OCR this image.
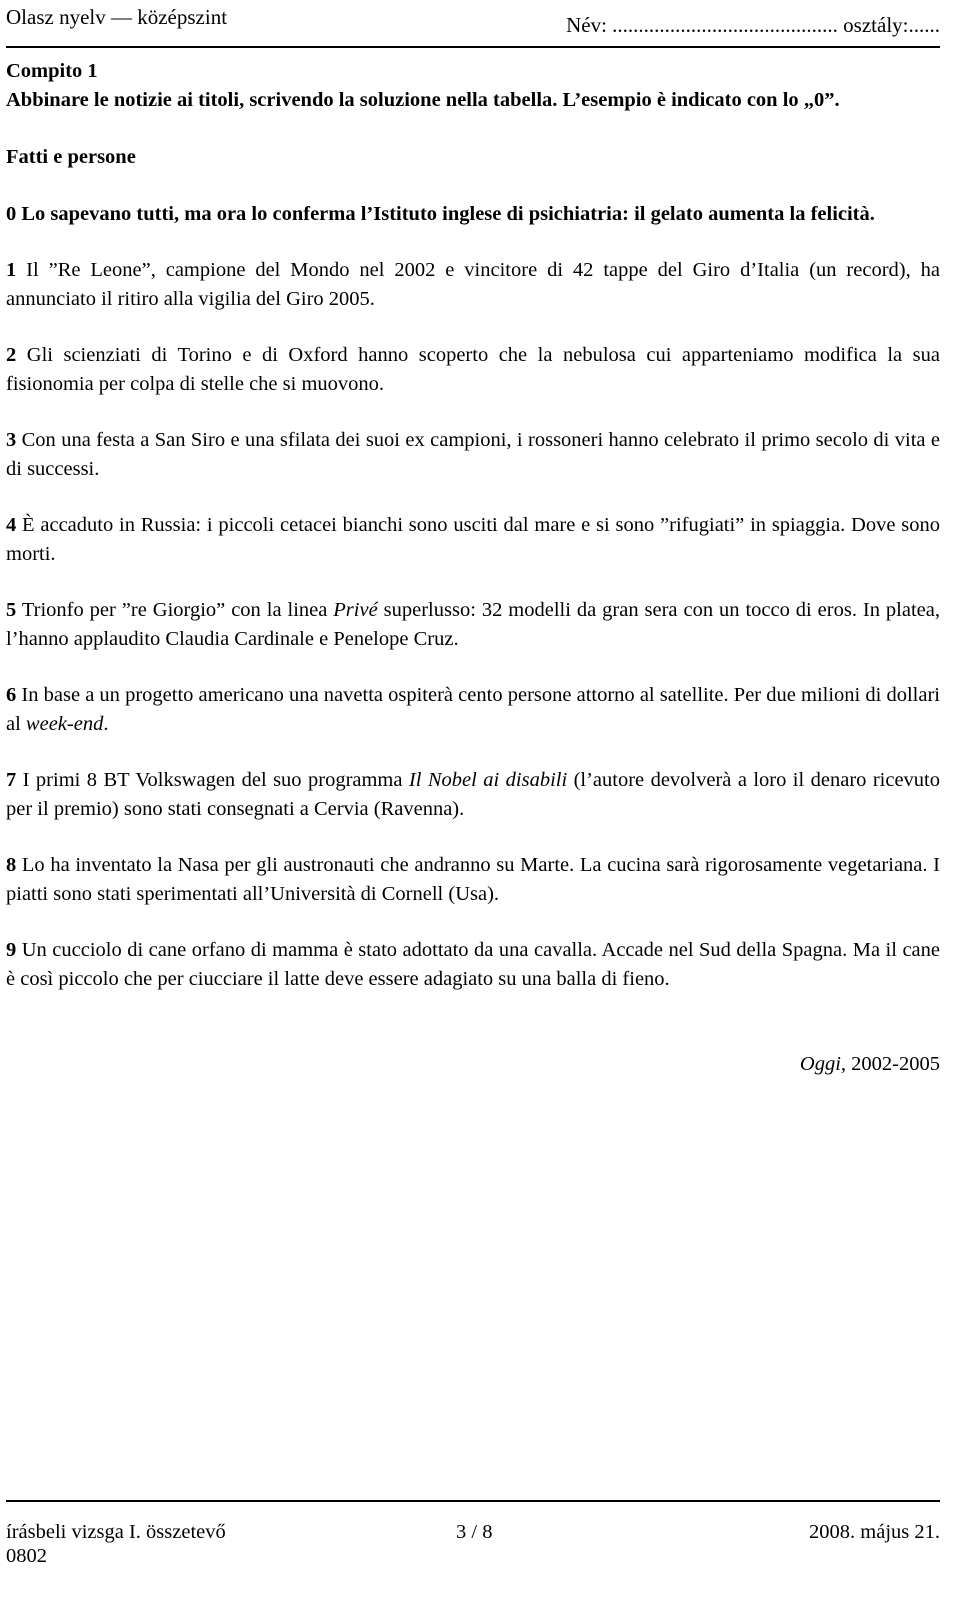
Olasz nyelv — középszint	Név: ........................................... osztály:......

Compito 1

Abbinare le notizie ai titoli, scrivendo la soluzione nella tabella. L’esempio è indicato con lo „0”.

Fatti e persone

0 Lo sapevano tutti, ma ora lo conferma l’Istituto inglese di psichiatria: il gelato aumenta la felicità.

1 Il ”Re Leone”, campione del Mondo nel 2002 e vincitore di 42 tappe del Giro d’Italia (un record), ha annunciato il ritiro alla vigilia del Giro 2005.

2 Gli scienziati di Torino e di Oxford hanno scoperto che la nebulosa cui apparteniamo modifica la sua fisionomia per colpa di stelle che si muovono.

3 Con una festa a San Siro e una sfilata dei suoi ex campioni, i rossoneri hanno celebrato il primo secolo di vita e di successi.

4 È accaduto in Russia: i piccoli cetacei bianchi sono usciti dal mare e si sono ”rifugiati” in spiaggia. Dove sono morti.

5 Trionfo per ”re Giorgio” con la linea Privé superlusso: 32 modelli da gran sera con un tocco di eros. In platea, l’hanno applaudito Claudia Cardinale e Penelope Cruz.

6 In base a un progetto americano una navetta ospiterà cento persone attorno al satellite. Per due milioni di dollari al week-end.

7 I primi 8 BT Volkswagen del suo programma Il Nobel ai disabili (l’autore devolverà a loro il denaro ricevuto per il premio) sono stati consegnati a Cervia (Ravenna).

8 Lo ha inventato la Nasa per gli austronauti che andranno su Marte. La cucina sarà rigorosamente vegetariana. I piatti sono stati sperimentati all’Università di Cornell (Usa).

9 Un cucciolo di cane orfano di mamma è stato adottato da una cavalla. Accade nel Sud della Spagna. Ma il cane è così piccolo che per ciucciare il latte deve essere adagiato su una balla di fieno.

Oggi, 2002-2005

írásbeli vizsga I. összetevő	3 / 8	2008. május 21.
0802
